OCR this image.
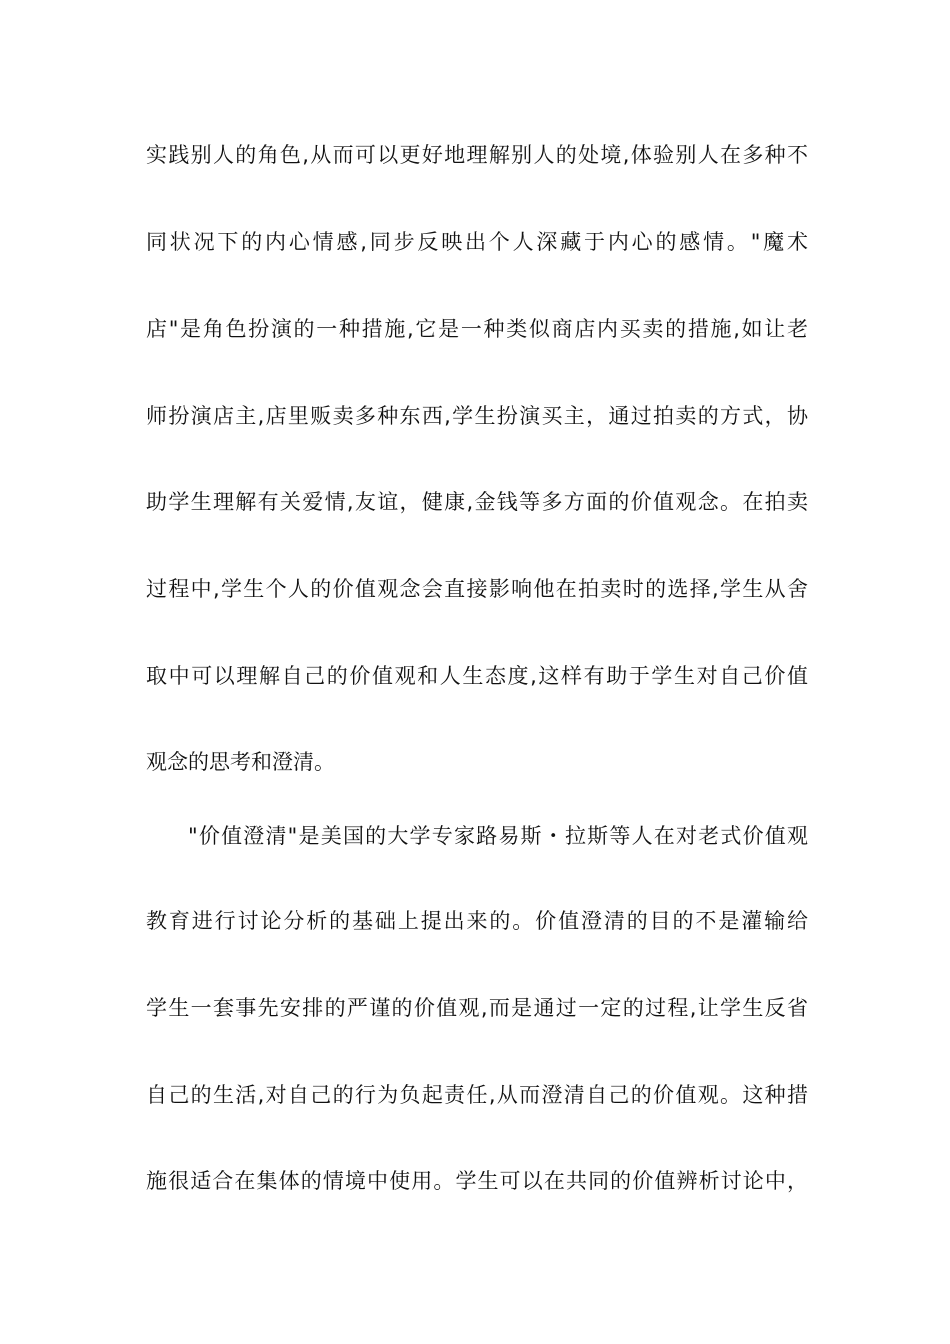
实践别人的角色,从而可以更好地理解别人的处境,体验别人在多种不
同状况下的内心情感,同步反映出个人深藏于内心的感情。"魔术
店"是角色扮演的一种措施,它是一种类似商店内买卖的措施,如让老
师扮演店主,店里贩卖多种东西,学生扮演买主，通过拍卖的方式，协
助学生理解有关爱情,友谊，健康,金钱等多方面的价值观念。在拍卖
过程中,学生个人的价值观念会直接影响他在拍卖时的选择,学生从舍
取中可以理解自己的价值观和人生态度,这样有助于学生对自己价值
观念的思考和澄清。
"价值澄清"是美国的大学专家路易斯・拉斯等人在对老式价值观
教育进行讨论分析的基础上提出来的。价值澄清的目的不是灌输给
学生一套事先安排的严谨的价值观,而是通过一定的过程,让学生反省
自己的生活,对自己的行为负起责任,从而澄清自己的价值观。这种措
施很适合在集体的情境中使用。学生可以在共同的价值辨析讨论中，
